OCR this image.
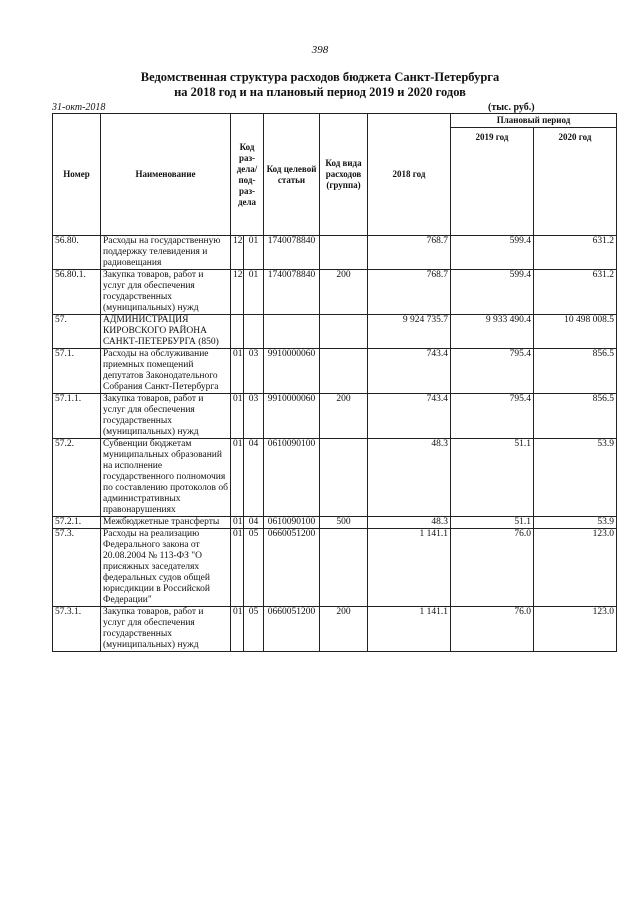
398
Ведомственная структура расходов бюджета Санкт-Петербурга
на 2018 год и на плановый период 2019 и 2020 годов
31-окт-2018	(тыс. руб.)
Номер	Наименование	Код раз-дела/ под-раз-дела		Код целевой статьи	Код вида расходов (группа)	2018 год	Плановый период	
							2019 год	2020 год
56.80.	Расходы на государственную поддержку телевидения и радиовещания	12	01	1740078840		768.7	599.4	631.2
56.80.1.	Закупка товаров, работ и услуг для обеспечения государственных (муниципальных) нужд	12	01	1740078840	200	768.7	599.4	631.2
57.	АДМИНИСТРАЦИЯ КИРОВСКОГО РАЙОНА САНКТ-ПЕТЕРБУРГА (850)					9 924 735.7	9 933 490.4	10 498 008.5
57.1.	Расходы на обслуживание приемных помещений депутатов Законодательного Собрания Санкт-Петербурга	01	03	9910000060		743.4	795.4	856.5
57.1.1.	Закупка товаров, работ и услуг для обеспечения государственных (муниципальных) нужд	01	03	9910000060	200	743.4	795.4	856.5
57.2.	Субвенции бюджетам муниципальных образований на исполнение государственного полномочия по составлению протоколов об административных правонарушениях	01	04	0610090100		48.3	51.1	53.9
57.2.1.	Межбюджетные трансферты	01	04	0610090100	500	48.3	51.1	53.9
57.3.	Расходы на реализацию Федерального закона от 20.08.2004 № 113-ФЗ "О присяжных заседателях федеральных судов общей юрисдикции в Российской Федерации"	01	05	0660051200		1 141.1	76.0	123.0
57.3.1.	Закупка товаров, работ и услуг для обеспечения государственных (муниципальных) нужд	01	05	0660051200	200	1 141.1	76.0	123.0
